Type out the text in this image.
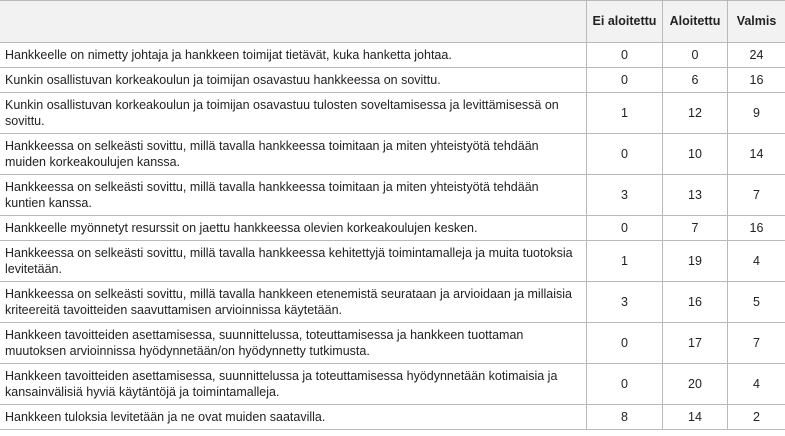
	Ei aloitettu	Aloitettu	Valmis
Hankkeelle on nimetty johtaja ja hankkeen toimijat tietävät, kuka hanketta johtaa.	0	0	24
Kunkin osallistuvan korkeakoulun ja toimijan osavastuu hankkeessa on sovittu.	0	6	16
Kunkin osallistuvan korkeakoulun ja toimijan osavastuu tulosten soveltamisessa ja levittämisessä on sovittu.	1	12	9
Hankkeessa on selkeästi sovittu, millä tavalla hankkeessa toimitaan ja miten yhteistyötä tehdään muiden korkeakoulujen kanssa.	0	10	14
Hankkeessa on selkeästi sovittu, millä tavalla hankkeessa toimitaan ja miten yhteistyötä tehdään kuntien kanssa.	3	13	7
Hankkeelle myönnetyt resurssit on jaettu hankkeessa olevien korkeakoulujen kesken.	0	7	16
Hankkeessa on selkeästi sovittu, millä tavalla hankkeessa kehitettyjä toimintamalleja ja muita tuotoksia levitetään.	1	19	4
Hankkeessa on selkeästi sovittu, millä tavalla hankkeen etenemistä seurataan ja arvioidaan ja millaisia kriteereitä tavoitteiden saavuttamisen arvioinnissa käytetään.	3	16	5
Hankkeen tavoitteiden asettamisessa, suunnittelussa, toteuttamisessa ja hankkeen tuottaman muutoksen arvioinnissa hyödynnetään/on hyödynnetty tutkimusta.	0	17	7
Hankkeen tavoitteiden asettamisessa, suunnittelussa ja toteuttamisessa hyödynnetään kotimaisia ja kansainvälisiä hyviä käytäntöjä ja toimintamalleja.	0	20	4
Hankkeen tuloksia levitetään ja ne ovat muiden saatavilla.	8	14	2
